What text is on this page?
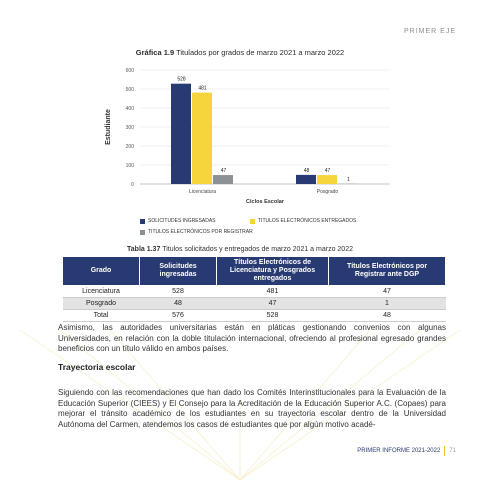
PRIMER EJE
Gráfica 1.9 Titulados por grados de marzo 2021 a marzo 2022
0
100
200
300
400
500
600
Estudiante
528
481
47
Licenciatura
48	47
1
Posgrado
Ciclos Escolar
SOLICITUDES INGRESADAS	TITULOS ELECTRÓNICOS ENTREGADOS
TITULOS ELECTRÓNICOS POR REGISTRAR
Tabla 1.37 Titulos solicitados y entregados de marzo 2021 a marzo 2022
Grado	Solicitudes ingresadas	Títulos Electrónicos de Licenciatura y Posgrados entregados	Títulos Electrónicos por Registrar ante DGP
Licenciatura	528	481	47
Posgrado	48	47	1
Total	576	528	48
Asimismo, las autoridades universitarias están en pláticas gestionando convenios con algunas Universidades, en relación con la doble titulación internacional, ofreciendo al profesional egresado grandes beneficios con un título válido en ambos países.
Trayectoria escolar
Siguiendo con las recomendaciones que han dado los Comités Interinstitucionales para la Evaluación de la Educación Superior (CIEES) y El Consejo para la Acreditación de la Educación Superior A.C. (Copaes) para mejorar el tránsito académico de los estudiantes en su trayectoria escolar dentro de la Universidad Autónoma del Carmen, atendemos los casos de estudiantes que por algún motivo acadé-
PRIMER INFORME 2021-2022 71
